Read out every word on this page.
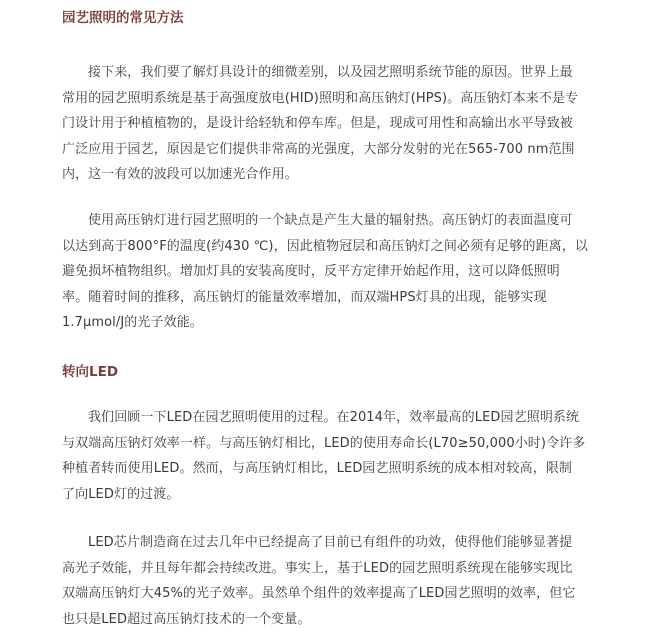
园艺照明的常见方法

接下来，我们要了解灯具设计的细微差别，以及园艺照明系统节能的原因。世界上最
常用的园艺照明系统是基于高强度放电(HID)照明和高压钠灯(HPS)。高压钠灯本来不是专
门设计用于种植植物的，是设计给轻轨和停车库。但是，现成可用性和高输出水平导致被
广泛应用于园艺，原因是它们提供非常高的光强度，大部分发射的光在565-700 nm范围
内，这一有效的波段可以加速光合作用。

使用高压钠灯进行园艺照明的一个缺点是产生大量的辐射热。高压钠灯的表面温度可
以达到高于800°F的温度(约430 ℃)，因此植物冠层和高压钠灯之间必须有足够的距离，以
避免损坏植物组织。增加灯具的安装高度时，反平方定律开始起作用，这可以降低照明
率。随着时间的推移，高压钠灯的能量效率增加，而双端HPS灯具的出现，能够实现
1.7μmol/J的光子效能。

转向LED

我们回顾一下LED在园艺照明使用的过程。在2014年，效率最高的LED园艺照明系统
与双端高压钠灯效率一样。与高压钠灯相比，LED的使用寿命长(L70≥50,000小时)令许多
种植者转而使用LED。然而，与高压钠灯相比，LED园艺照明系统的成本相对较高，限制
了向LED灯的过渡。

LED芯片制造商在过去几年中已经提高了目前已有组件的功效，使得他们能够显著提
高光子效能，并且每年都会持续改进。事实上，基于LED的园艺照明系统现在能够实现比
双端高压钠灯大45%的光子效率。虽然单个组件的效率提高了LED园艺照明的效率，但它
也只是LED超过高压钠灯技术的一个变量。
